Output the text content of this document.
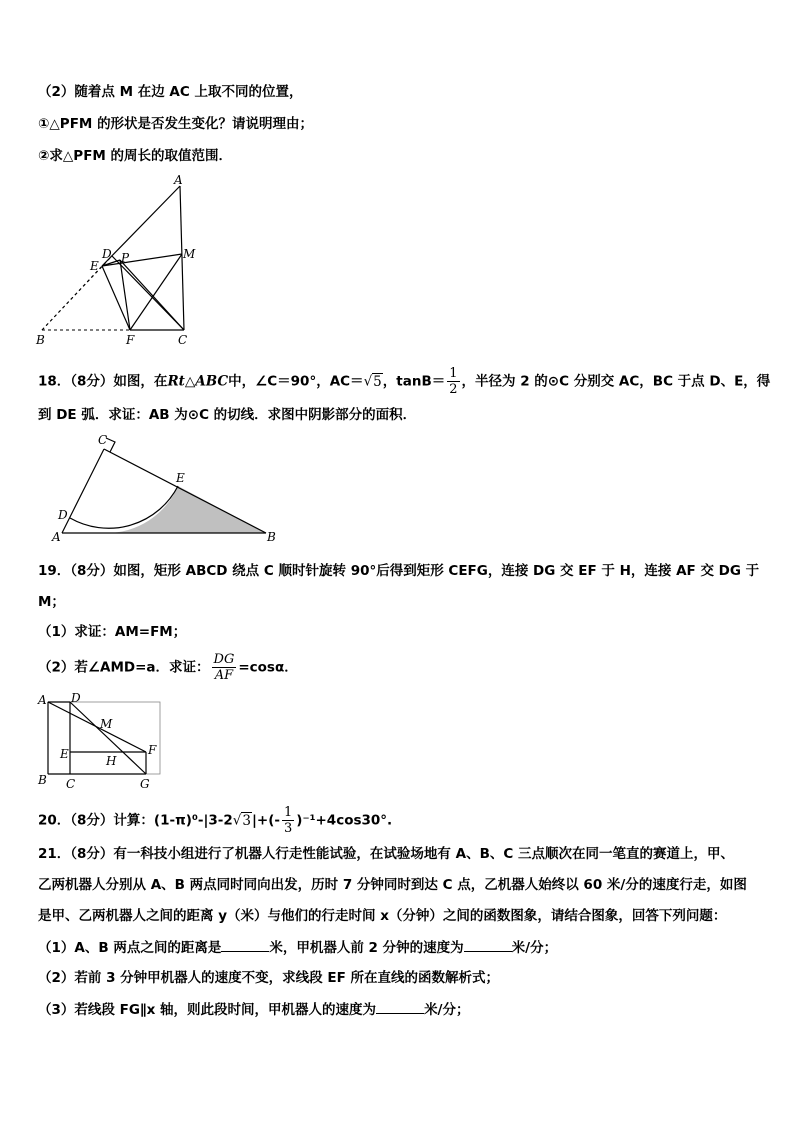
（2）随着点 M 在边 AC 上取不同的位置，
①△PFM 的形状是否发生变化？请说明理由；
②求△PFM 的周长的取值范围．
A
D
E
P	M
B	F	C
18．（8分）如图，在Rt△ABC中，∠C＝90°，AC＝√5，$\tan B= \frac{1}{2}$ ，半径为 2 的⊙C 分别交 AC，BC 于点 D、E，得
到 DE 弧．求证：AB 为⊙C 的切线．求图中阴影部分的面积．
C
E
D
A	B
19．（8分）如图，矩形 ABCD 绕点 C 顺时针旋转 90°后得到矩形 CEFG，连接 DG 交 EF 于 H，连接 AF 交 DG 于
M；
（1）求证：AM=FM；
（2）若∠AMD=a．求证： $\frac{DG}{AF} =\cos\alpha$．
A D
M
E	F
H
B C	G
20．（8分）计算：$(1-\pi)^0-|3-2√3|+(- \frac{1}{3} )^{-1}+4\cos 30^\circ$.
21．（8分）有一科技小组进行了机器人行走性能试验，在试验场地有 A、B、C 三点顺次在同一笔直的赛道上，甲、
乙两机器人分别从 A、B 两点同时同向出发，历时 7 分钟同时到达 C 点，乙机器人始终以 60 米/分的速度行走，如图
是甲、乙两机器人之间的距离 y（米）与他们的行走时间 x（分钟）之间的函数图象，请结合图象，回答下列问题：
（1）A、B 两点之间的距离是	米，甲机器人前 2 分钟的速度为	米/分；
（2）若前 3 分钟甲机器人的速度不变，求线段 EF 所在直线的函数解析式；
（3）若线段 FG∥x 轴，则此段时间，甲机器人的速度为	米/分；
